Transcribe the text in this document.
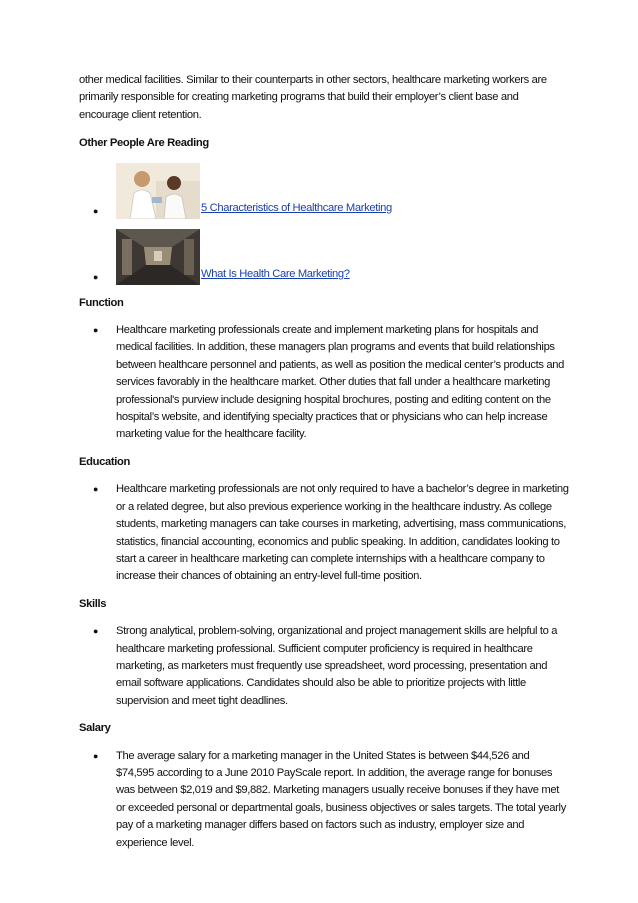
other medical facilities. Similar to their counterparts in other sectors, healthcare marketing workers are primarily responsible for creating marketing programs that build their employer’s client base and encourage client retention.

Other People Are Reading

●	5 Characteristics of Healthcare Marketing
●	What Is Health Care Marketing?

Function

● Healthcare marketing professionals create and implement marketing plans for hospitals and medical facilities. In addition, these managers plan programs and events that build relationships between healthcare personnel and patients, as well as position the medical center’s products and services favorably in the healthcare market. Other duties that fall under a healthcare marketing professional's purview include designing hospital brochures, posting and editing content on the hospital’s website, and identifying specialty practices that or physicians who can help increase marketing value for the healthcare facility.

Education

● Healthcare marketing professionals are not only required to have a bachelor’s degree in marketing or a related degree, but also previous experience working in the healthcare industry. As college students, marketing managers can take courses in marketing, advertising, mass communications, statistics, financial accounting, economics and public speaking. In addition, candidates looking to start a career in healthcare marketing can complete internships with a healthcare company to increase their chances of obtaining an entry-level full-time position.

Skills

● Strong analytical, problem-solving, organizational and project management skills are helpful to a healthcare marketing professional. Sufficient computer proficiency is required in healthcare marketing, as marketers must frequently use spreadsheet, word processing, presentation and email software applications. Candidates should also be able to prioritize projects with little supervision and meet tight deadlines.

Salary

● The average salary for a marketing manager in the United States is between $44,526 and $74,595 according to a June 2010 PayScale report. In addition, the average range for bonuses was between $2,019 and $9,882. Marketing managers usually receive bonuses if they have met or exceeded personal or departmental goals, business objectives or sales targets. The total yearly pay of a marketing manager differs based on factors such as industry, employer size and experience level.
